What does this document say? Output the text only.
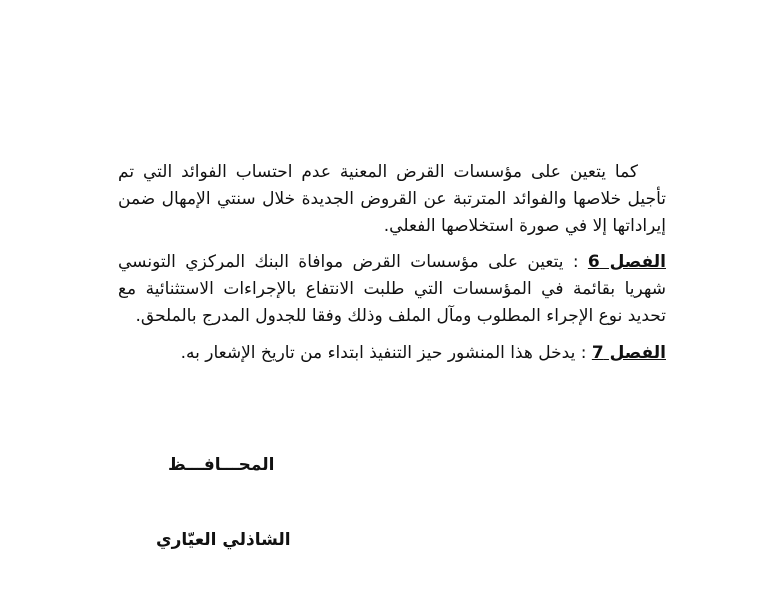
كما يتعين على مؤسسات القرض المعنية عدم احتساب الفوائد التي تم تأجيل خلاصها والفوائد المترتبة عن القروض الجديدة خلال سنتي الإمهال ضمن إيراداتها إلا في صورة استخلاصها الفعلي.

الفصل 6 : يتعين على مؤسسات القرض موافاة البنك المركزي التونسي شهريا بقائمة في المؤسسات التي طلبت الانتفاع بالإجراءات الاستثنائية مع تحديد نوع الإجراء المطلوب ومآل الملف وذلك وفقا للجدول المدرج بالملحق.

الفصل 7 : يدخل هذا المنشور حيز التنفيذ ابتداء من تاريخ الإشعار به.

المحـــافـــظ
الشاذلي العيّاري
